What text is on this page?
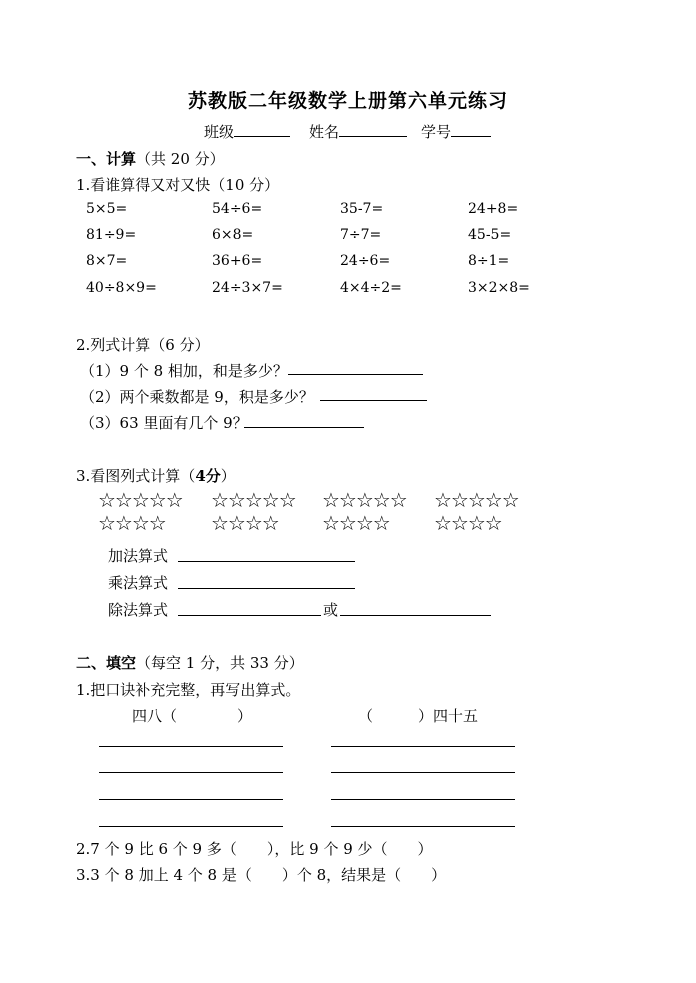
苏教版二年级数学上册第六单元练习
班级	姓名	学号
一、计算（共 20 分）
1.看谁算得又对又快（10 分）
5×5=	54÷6=	35-7=	24+8=
81÷9=	6×8=	7÷7=	45-5=
8×7=	36+6=	24÷6=	8÷1=
40÷8×9=	24÷3×7=	4×4÷2=	3×2×8=
2.列式计算（6 分）
（1）9 个 8 相加，和是多少？
（2）两个乘数都是 9，积是多少？
（3）63 里面有几个 9？
3.看图列式计算（4分）
☆☆☆☆☆
☆☆☆☆
☆☆☆☆☆
☆☆☆☆
☆☆☆☆☆
☆☆☆☆
☆☆☆☆☆
☆☆☆☆
加法算式
乘法算式
除法算式	或
二、填空（每空 1 分，共 33 分）
1.把口诀补充完整，再写出算式。
四八（　　　　）	（　　　）四十五
2.7 个 9 比 6 个 9 多（　　），比 9 个 9 少（　　）
3.3 个 8 加上 4 个 8 是（　　）个 8，结果是（　　）
